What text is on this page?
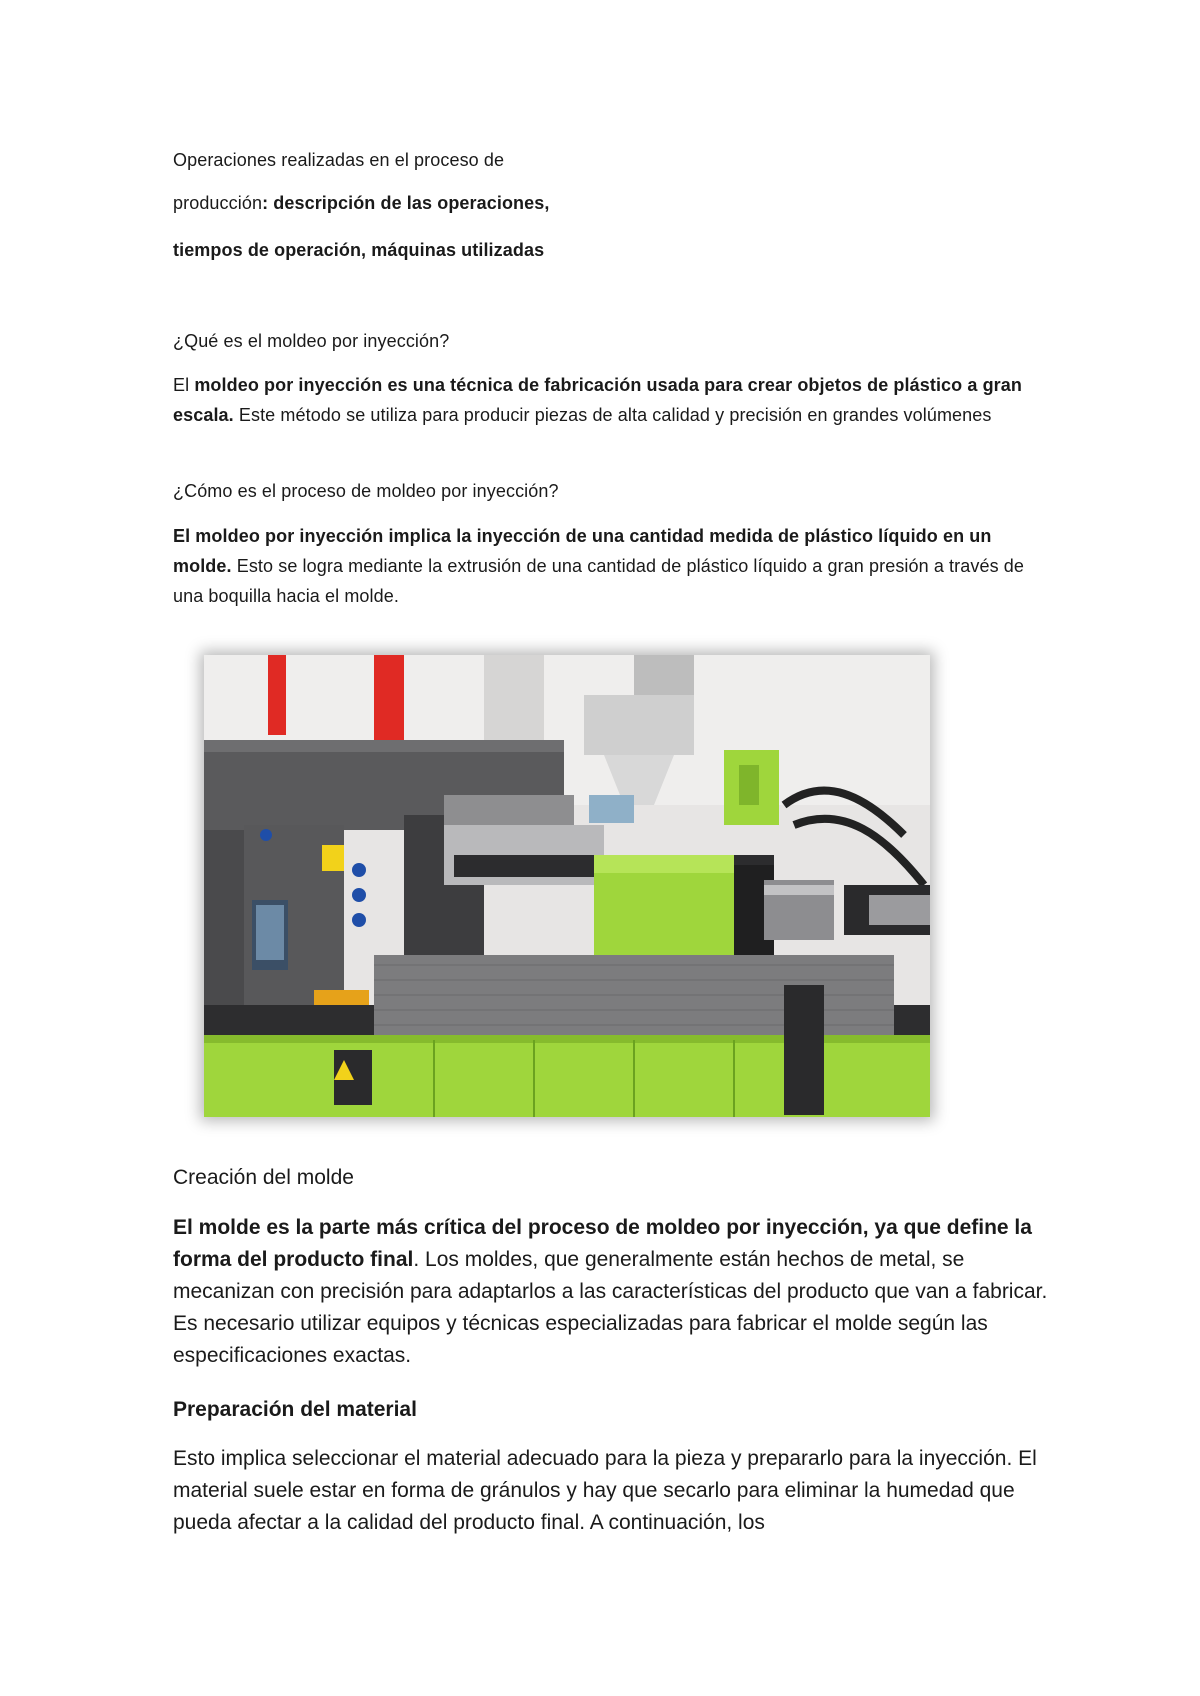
Operaciones realizadas en el proceso de

producción: descripción de las operaciones,

tiempos de operación, máquinas utilizadas

¿Qué es el moldeo por inyección?

El moldeo por inyección es una técnica de fabricación usada para crear objetos de plástico a gran escala. Este método se utiliza para producir piezas de alta calidad y precisión en grandes volúmenes

¿Cómo es el proceso de moldeo por inyección?

El moldeo por inyección implica la inyección de una cantidad medida de plástico líquido en un molde. Esto se logra mediante la extrusión de una cantidad de plástico líquido a gran presión a través de una boquilla hacia el molde.

Creación del molde

El molde es la parte más crítica del proceso de moldeo por inyección, ya que define la forma del producto final. Los moldes, que generalmente están hechos de metal, se mecanizan con precisión para adaptarlos a las características del producto que van a fabricar. Es necesario utilizar equipos y técnicas especializadas para fabricar el molde según las especificaciones exactas.

Preparación del material

Esto implica seleccionar el material adecuado para la pieza y prepararlo para la inyección. El material suele estar en forma de gránulos y hay que secarlo para eliminar la humedad que pueda afectar a la calidad del producto final. A continuación, los
